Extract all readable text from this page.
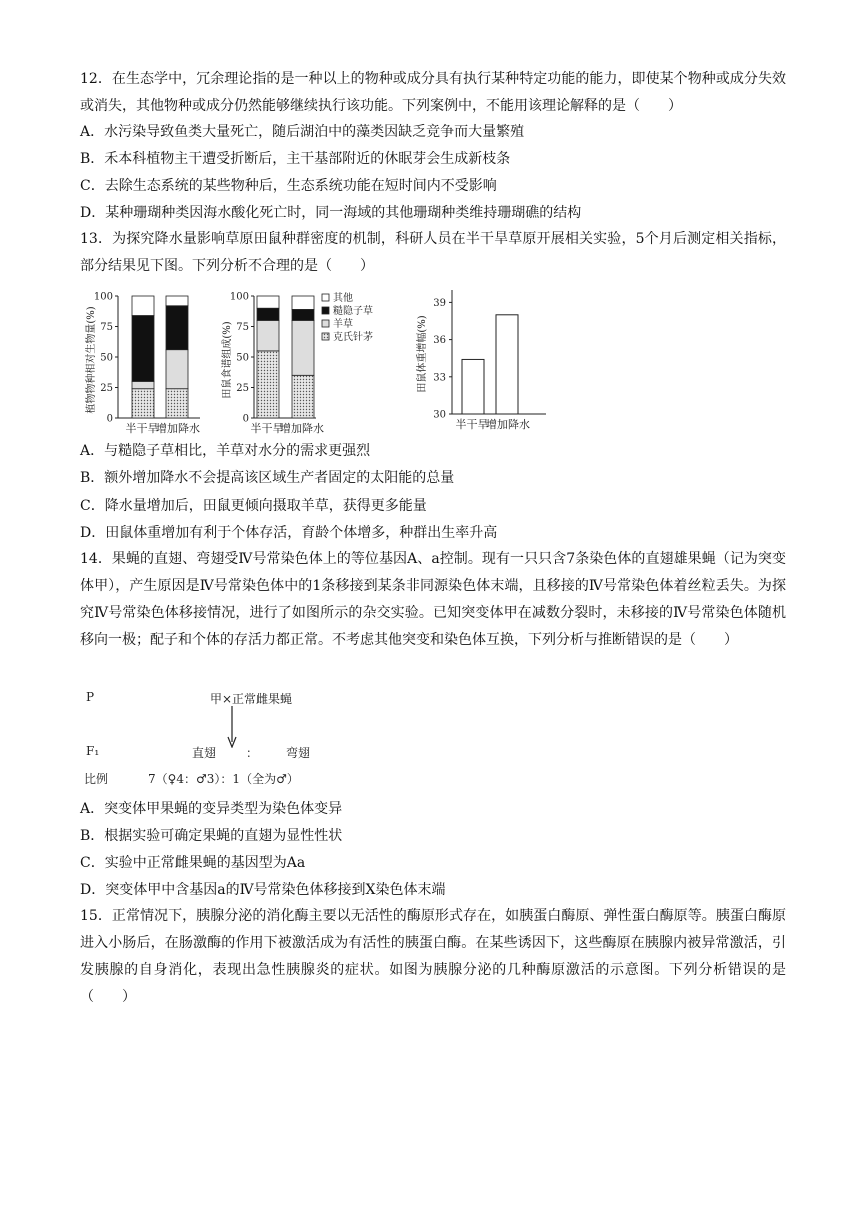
12．在生态学中，冗余理论指的是一种以上的物种或成分具有执行某种特定功能的能力，即使某个物种或成分失效或消失，其他物种或成分仍然能够继续执行该功能。下列案例中，不能用该理论解释的是（　　）

A．水污染导致鱼类大量死亡，随后湖泊中的藻类因缺乏竞争而大量繁殖
B．禾本科植物主干遭受折断后，主干基部附近的休眠芽会生成新枝条
C．去除生态系统的某些物种后，生态系统功能在短时间内不受影响
D．某种珊瑚种类因海水酸化死亡时，同一海域的其他珊瑚种类维持珊瑚礁的结构

13．为探究降水量影响草原田鼠种群密度的机制，科研人员在半干旱草原开展相关实验，5个月后测定相关指标，部分结果见下图。下列分析不合理的是（　　）

植物物种相对生物量(%)
0
25
50
75
100
半干旱
增加降水
田鼠食谱组成(%)
0
25
50
75
100
半干旱
增加降水
其他
糙隐子草
羊草
克氏针茅	田鼠体重增幅(%)
30
33
36
39
半干旱
增加降水
A．与糙隐子草相比，羊草对水分的需求更强烈
B．额外增加降水不会提高该区域生产者固定的太阳能的总量
C．降水量增加后，田鼠更倾向摄取羊草，获得更多能量
D．田鼠体重增加有利于个体存活，育龄个体增多，种群出生率升高

14．果蝇的直翅、弯翅受Ⅳ号常染色体上的等位基因A、a控制。现有一只只含7条染色体的直翅雄果蝇（记为突变体甲），产生原因是Ⅳ号常染色体中的1条移接到某条非同源染色体末端，且移接的Ⅳ号常染色体着丝粒丢失。为探究Ⅳ号常染色体移接情况，进行了如图所示的杂交实验。已知突变体甲在减数分裂时，未移接的Ⅳ号常染色体随机移向一极；配子和个体的存活力都正常。不考虑其他突变和染色体互换，下列分析与推断错误的是（　　）

P	甲×正常雌果蝇
F₁	直翅 ： 弯翅
比例	7（♀4：♂3）：1（全为♂）
A．突变体甲果蝇的变异类型为染色体变异
B．根据实验可确定果蝇的直翅为显性性状
C．实验中正常雌果蝇的基因型为Aa
D．突变体甲中含基因a的Ⅳ号常染色体移接到X染色体末端

15．正常情况下，胰腺分泌的消化酶主要以无活性的酶原形式存在，如胰蛋白酶原、弹性蛋白酶原等。胰蛋白酶原进入小肠后，在肠激酶的作用下被激活成为有活性的胰蛋白酶。在某些诱因下，这些酶原在胰腺内被异常激活，引发胰腺的自身消化，表现出急性胰腺炎的症状。如图为胰腺分泌的几种酶原激活的示意图。下列分析错误的是（　　）
